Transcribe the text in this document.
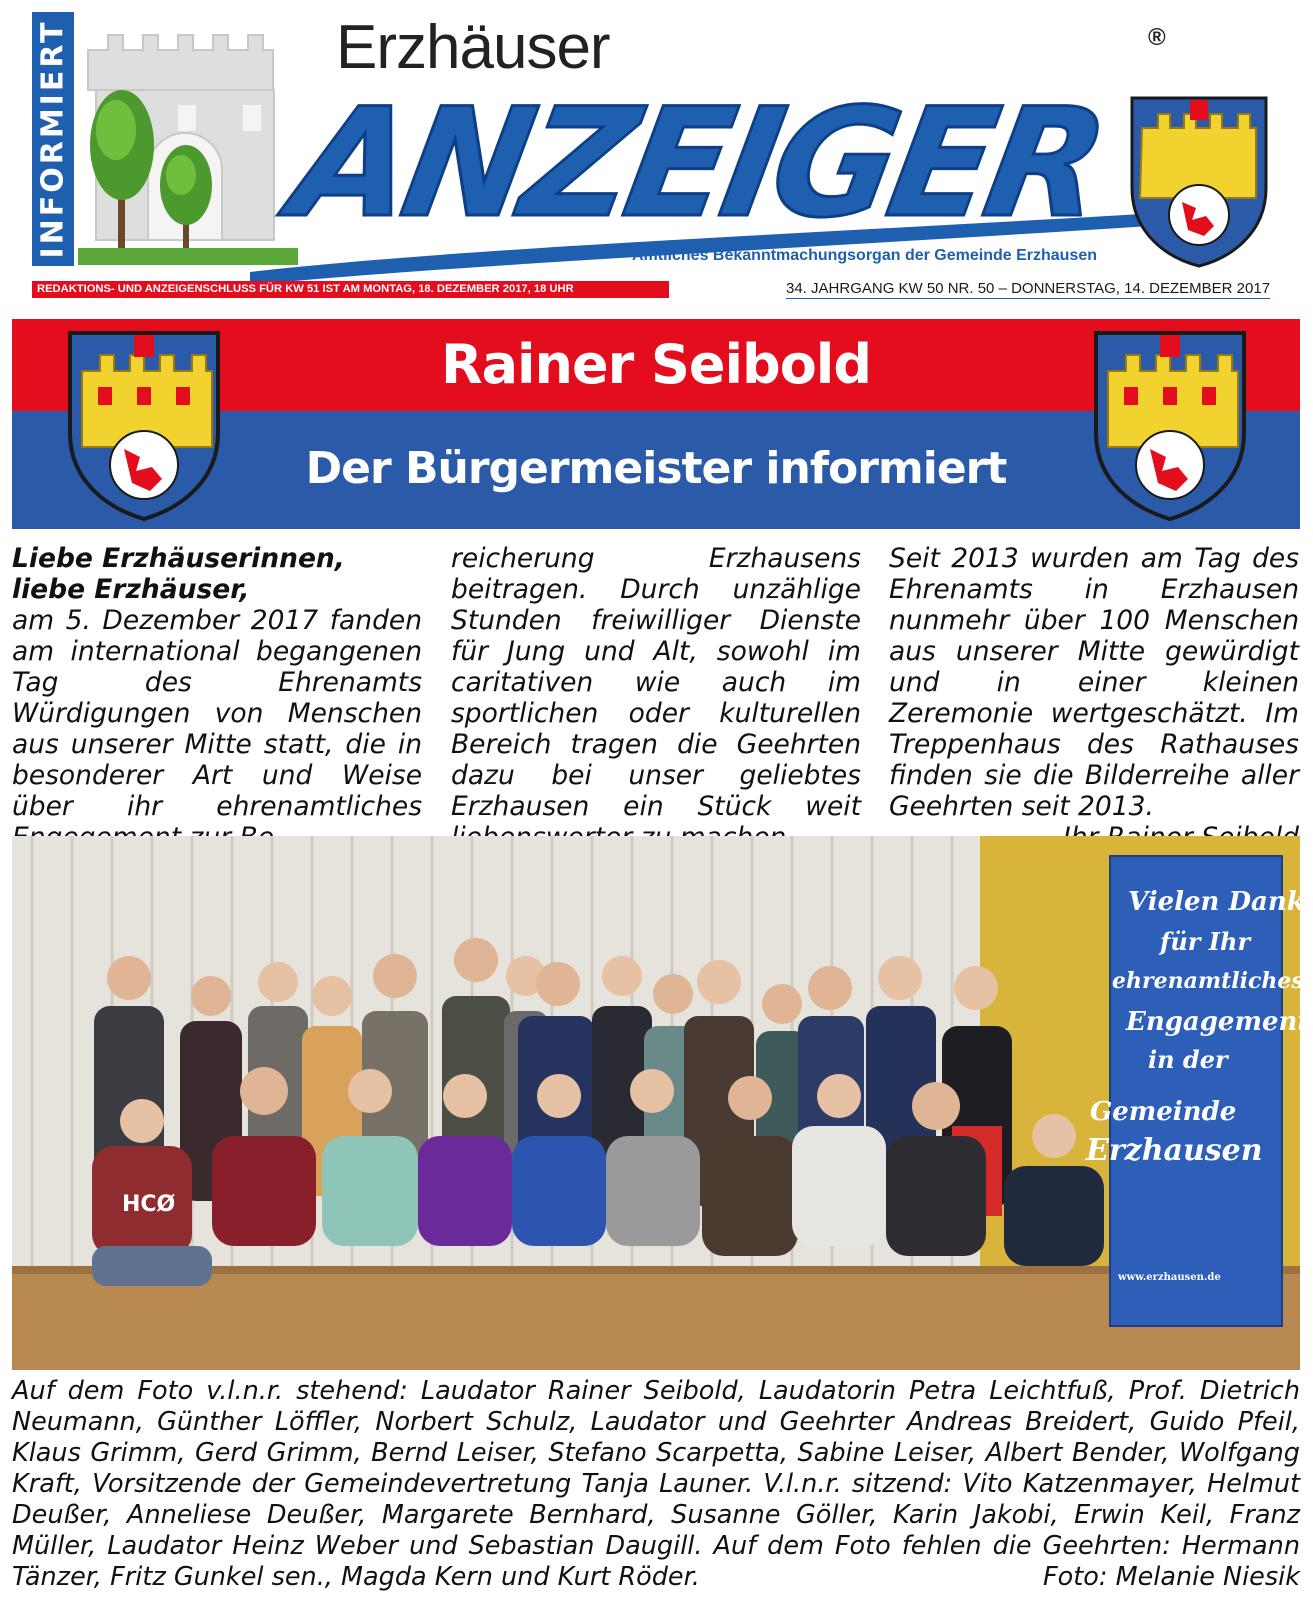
INFORMIERT	Erzhäuser
ANZEIGER
®
Amtliches Bekanntmachungsorgan der Gemeinde Erzhausen
REDAKTIONS- UND ANZEIGENSCHLUSS FÜR KW 51 IST AM MONTAG, 18. DEZEMBER 2017, 18 UHR	34. JAHRGANG KW 50 NR. 50 – DONNERSTAG, 14. DEZEMBER 2017
Rainer Seibold
Der Bürgermeister informiert

Liebe Erzhäuserinnen,

liebe Erzhäuser,

am 5. Dezember 2017 fanden am international begangenen Tag des Ehrenamts Würdigungen von Menschen aus unserer Mitte statt, die in besonderer Art und Weise über ihr ehrenamtliches

reicherung Erzhausens beitragen. Durch unzählige Stunden freiwilliger Dienste für Jung und Alt, sowohl im caritativen wie auch im sportlichen oder kulturellen Bereich tragen die Geehrten dazu bei unser geliebtes Erzhausen ein Stück weit

Seit 2013 wurden am Tag des Ehrenamts in Erzhausen nunmehr über 100 Menschen aus unserer Mitte gewürdigt und in einer kleinen Zeremonie wertgeschätzt. Im Treppenhaus des Rathauses finden sie die Bilderreihe aller Geehrten seit 2013.

HCØ
Vielen Dank
für Ihr
ehrenamtliches
Engagement
in der
Gemeinde
Erzhausen
www.erzhausen.de
Auf dem Foto v.l.n.r. stehend: Laudator Rainer Seibold, Laudatorin Petra Leichtfuß, Prof. Dietrich Neumann, Günther Löffler, Norbert Schulz, Laudator und Geehrter Andreas Breidert, Guido Pfeil, Klaus Grimm, Gerd Grimm, Bernd Leiser, Stefano Scarpetta, Sabine Leiser, Albert Bender, Wolfgang Kraft, Vorsitzende der Gemeindevertretung Tanja Launer. V.l.n.r. sitzend: Vito Katzenmayer, Helmut Deußer, Anneliese Deußer, Margarete Bernhard, Susanne Göller, Karin Jakobi, Erwin Keil, Franz Müller, Laudator Heinz Weber und Sebastian Daugill. Auf dem Foto fehlen die Geehrten: Hermann Tänzer, Fritz Gunkel sen., Magda Kern und Kurt Röder.	Foto: Melanie Niesik
